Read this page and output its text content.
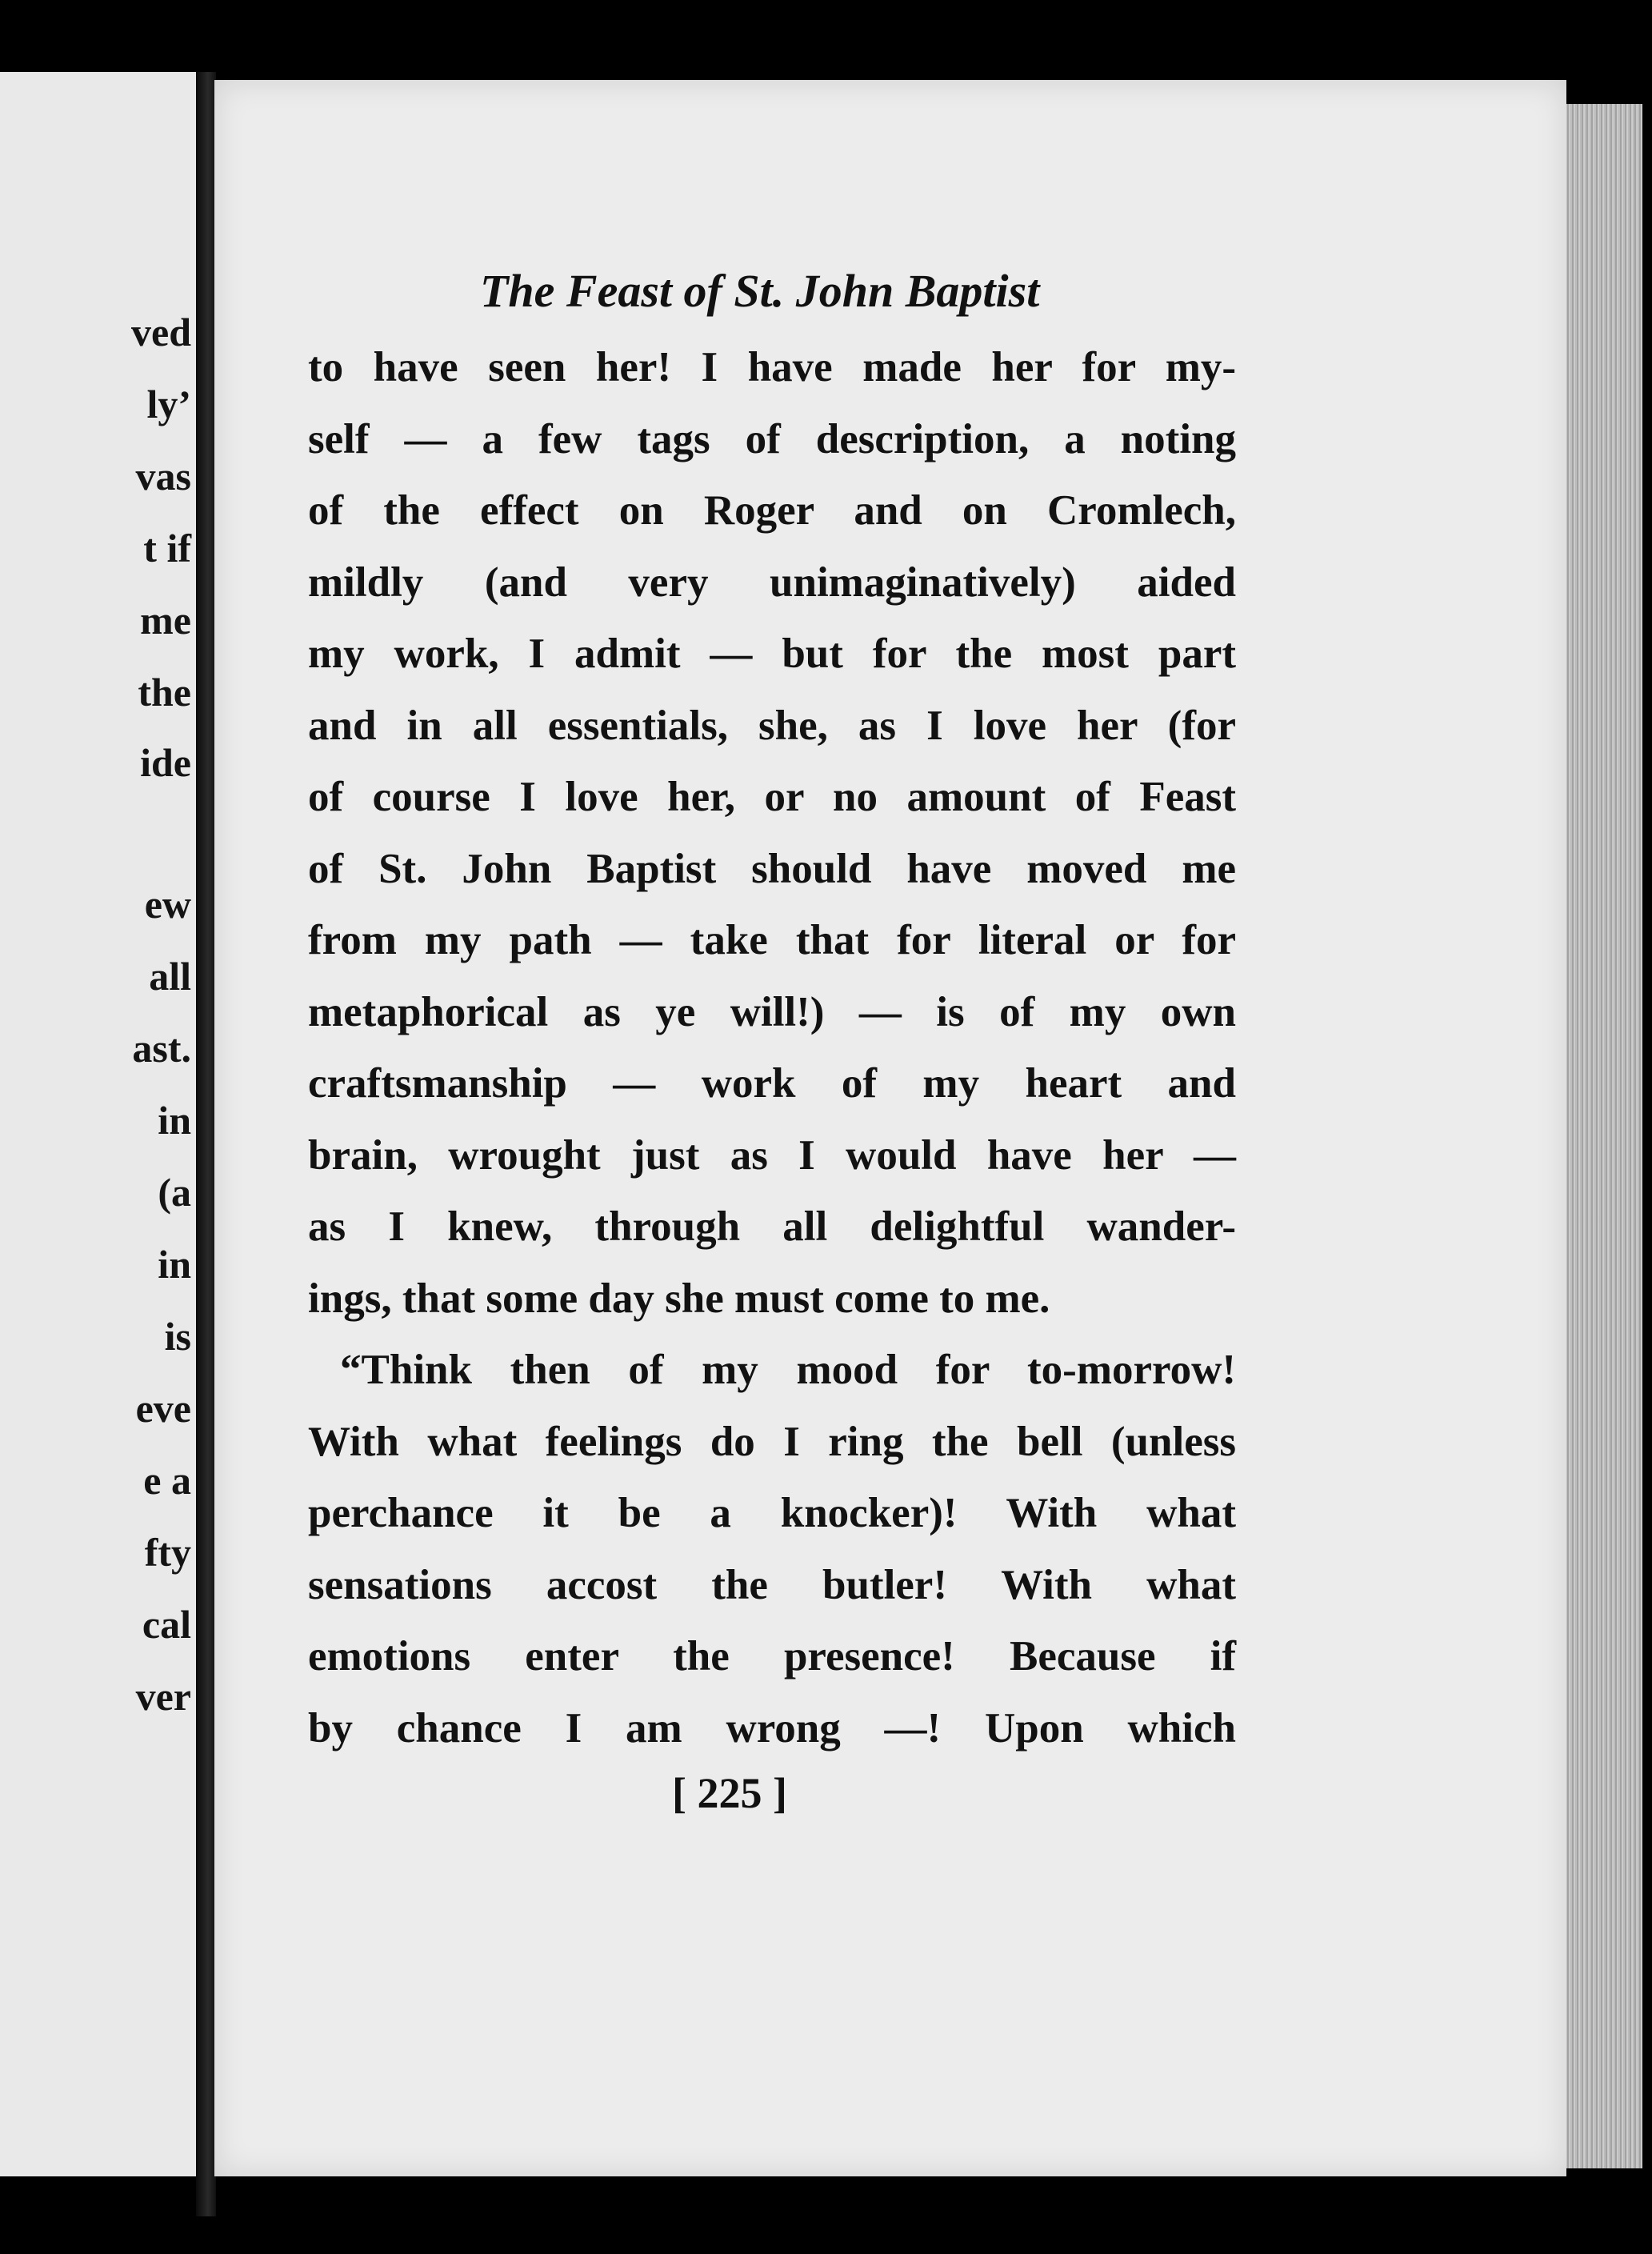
ved
ly’
vas
t if
me
the
ide
ew
all
ast.
in
(a
in
is
eve
e a
fty
cal
ver
The Feast of St. John Baptist
to have seen her! I have made her for my-
self — a few tags of description, a noting
of the effect on Roger and on Cromlech,
mildly (and very unimaginatively) aided
my work, I admit — but for the most part
and in all essentials, she, as I love her (for
of course I love her, or no amount of Feast
of St. John Baptist should have moved me
from my path — take that for literal or for
metaphorical as ye will!) — is of my own
craftsmanship — work of my heart and
brain, wrought just as I would have her —
as I knew, through all delightful wander-
ings, that some day she must come to me.
“Think then of my mood for to-morrow!
With what feelings do I ring the bell (unless
perchance it be a knocker)! With what
sensations accost the butler! With what
emotions enter the presence! Because if
by chance I am wrong —! Upon which
[ 225 ]
